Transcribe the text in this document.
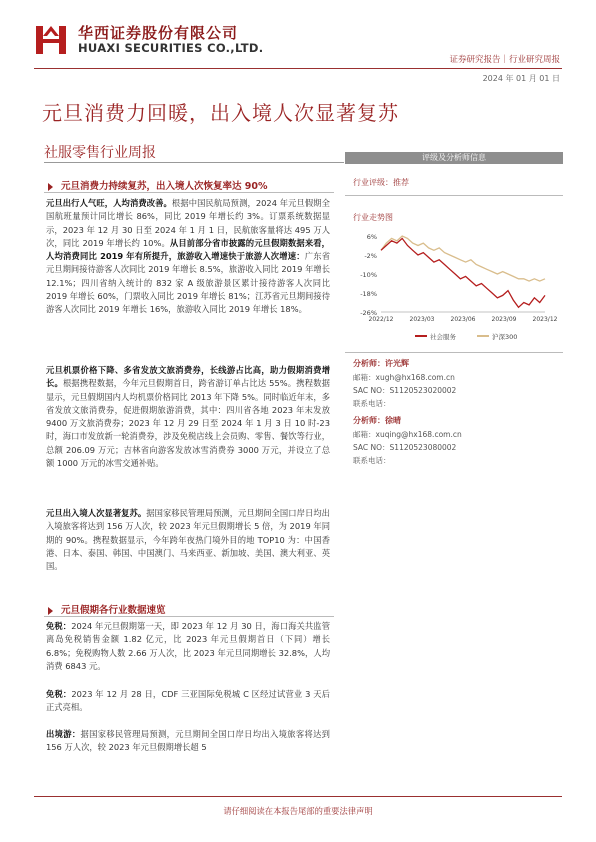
华西证券股份有限公司
HUAXI SECURITIES CO.,LTD.
证券研究报告｜行业研究周报
2024 年 01 月 01 日
元旦消费力回暖，出入境人次显著复苏
社服零售行业周报
元旦消费力持续复苏，出入境人次恢复率达 90%
元旦出行人气旺，人均消费改善。根据中国民航局预测，2024 年元旦假期全国航班量预计同比增长 86%，同比 2019 年增长约 3%。订票系统数据显示，2023 年 12 月 30 日至 2024 年 1 月 1 日，民航旅客量将达 495 万人次，同比 2019 年增长约 10%。从目前部分省市披露的元旦假期数据来看，人均消费同比 2019 年有所提升，旅游收入增速快于旅游人次增速：广东省元旦期间接待游客人次同比 2019 年增长 8.5%，旅游收入同比 2019 年增长 12.1%；四川省纳入统计的 832 家 A 级旅游景区累计接待游客人次同比 2019 年增长 60%，门票收入同比 2019 年增长 81%；江苏省元旦期间接待游客人次同比 2019 年增长 16%，旅游收入同比 2019 年增长 18%。
元旦机票价格下降、多省发放文旅消费券，长线游占比高，助力假期消费增长。根据携程数据，今年元旦假期首日，跨省游订单占比达 55%。携程数据显示，元旦假期国内人均机票价格同比 2013 年下降 5%。同时临近年末，多省发放文旅消费券，促进假期旅游消费，其中：四川省各地 2023 年末发放 9400 万文旅消费券；2023 年 12 月 29 日至 2024 年 1 月 3 日 10 时-23 时，海口市发放新一轮消费券，涉及免税店线上会员购、零售、餐饮等行业，总额 206.09 万元；吉林省向游客发放冰雪消费券 3000 万元，并设立了总额 1000 万元的冰雪交通补贴。
元旦出入境人次显著复苏。据国家移民管理局预测，元旦期间全国口岸日均出入境旅客将达到 156 万人次，较 2023 年元旦假期增长 5 倍，为 2019 年同期的 90%。携程数据显示，今年跨年夜热门境外目的地 TOP10 为：中国香港、日本、泰国、韩国、中国澳门、马来西亚、新加坡、美国、澳大利亚、英国。
元旦假期各行业数据速览
免税：2024 年元旦假期第一天，即 2023 年 12 月 30 日，海口海关共监管离岛免税销售金额 1.82 亿元，比 2023 年元旦假期首日（下同）增长 6.8%；免税购物人数 2.66 万人次，比 2023 年元旦同期增长 32.8%，人均消费 6843 元。
免税：2023 年 12 月 28 日，CDF 三亚国际免税城 C 区经过试营业 3 天后正式亮相。
出境游：据国家移民管理局预测，元旦期间全国口岸日均出入境旅客将达到 156 万人次，较 2023 年元旦假期增长超 5
评级及分析师信息
行业评级：推荐
行业走势图
6%
-2%
-10%
-18%
-26%
2022/12	2023/03	2023/06	2023/09	2023/12
社会服务	沪深300
分析师：许光辉
邮箱：xugh@hx168.com.cn
SAC NO：S1120523020002
联系电话：
分析师：徐晴
邮箱：xuqing@hx168.com.cn
SAC NO：S1120523080002
联系电话：
请仔细阅读在本报告尾部的重要法律声明
